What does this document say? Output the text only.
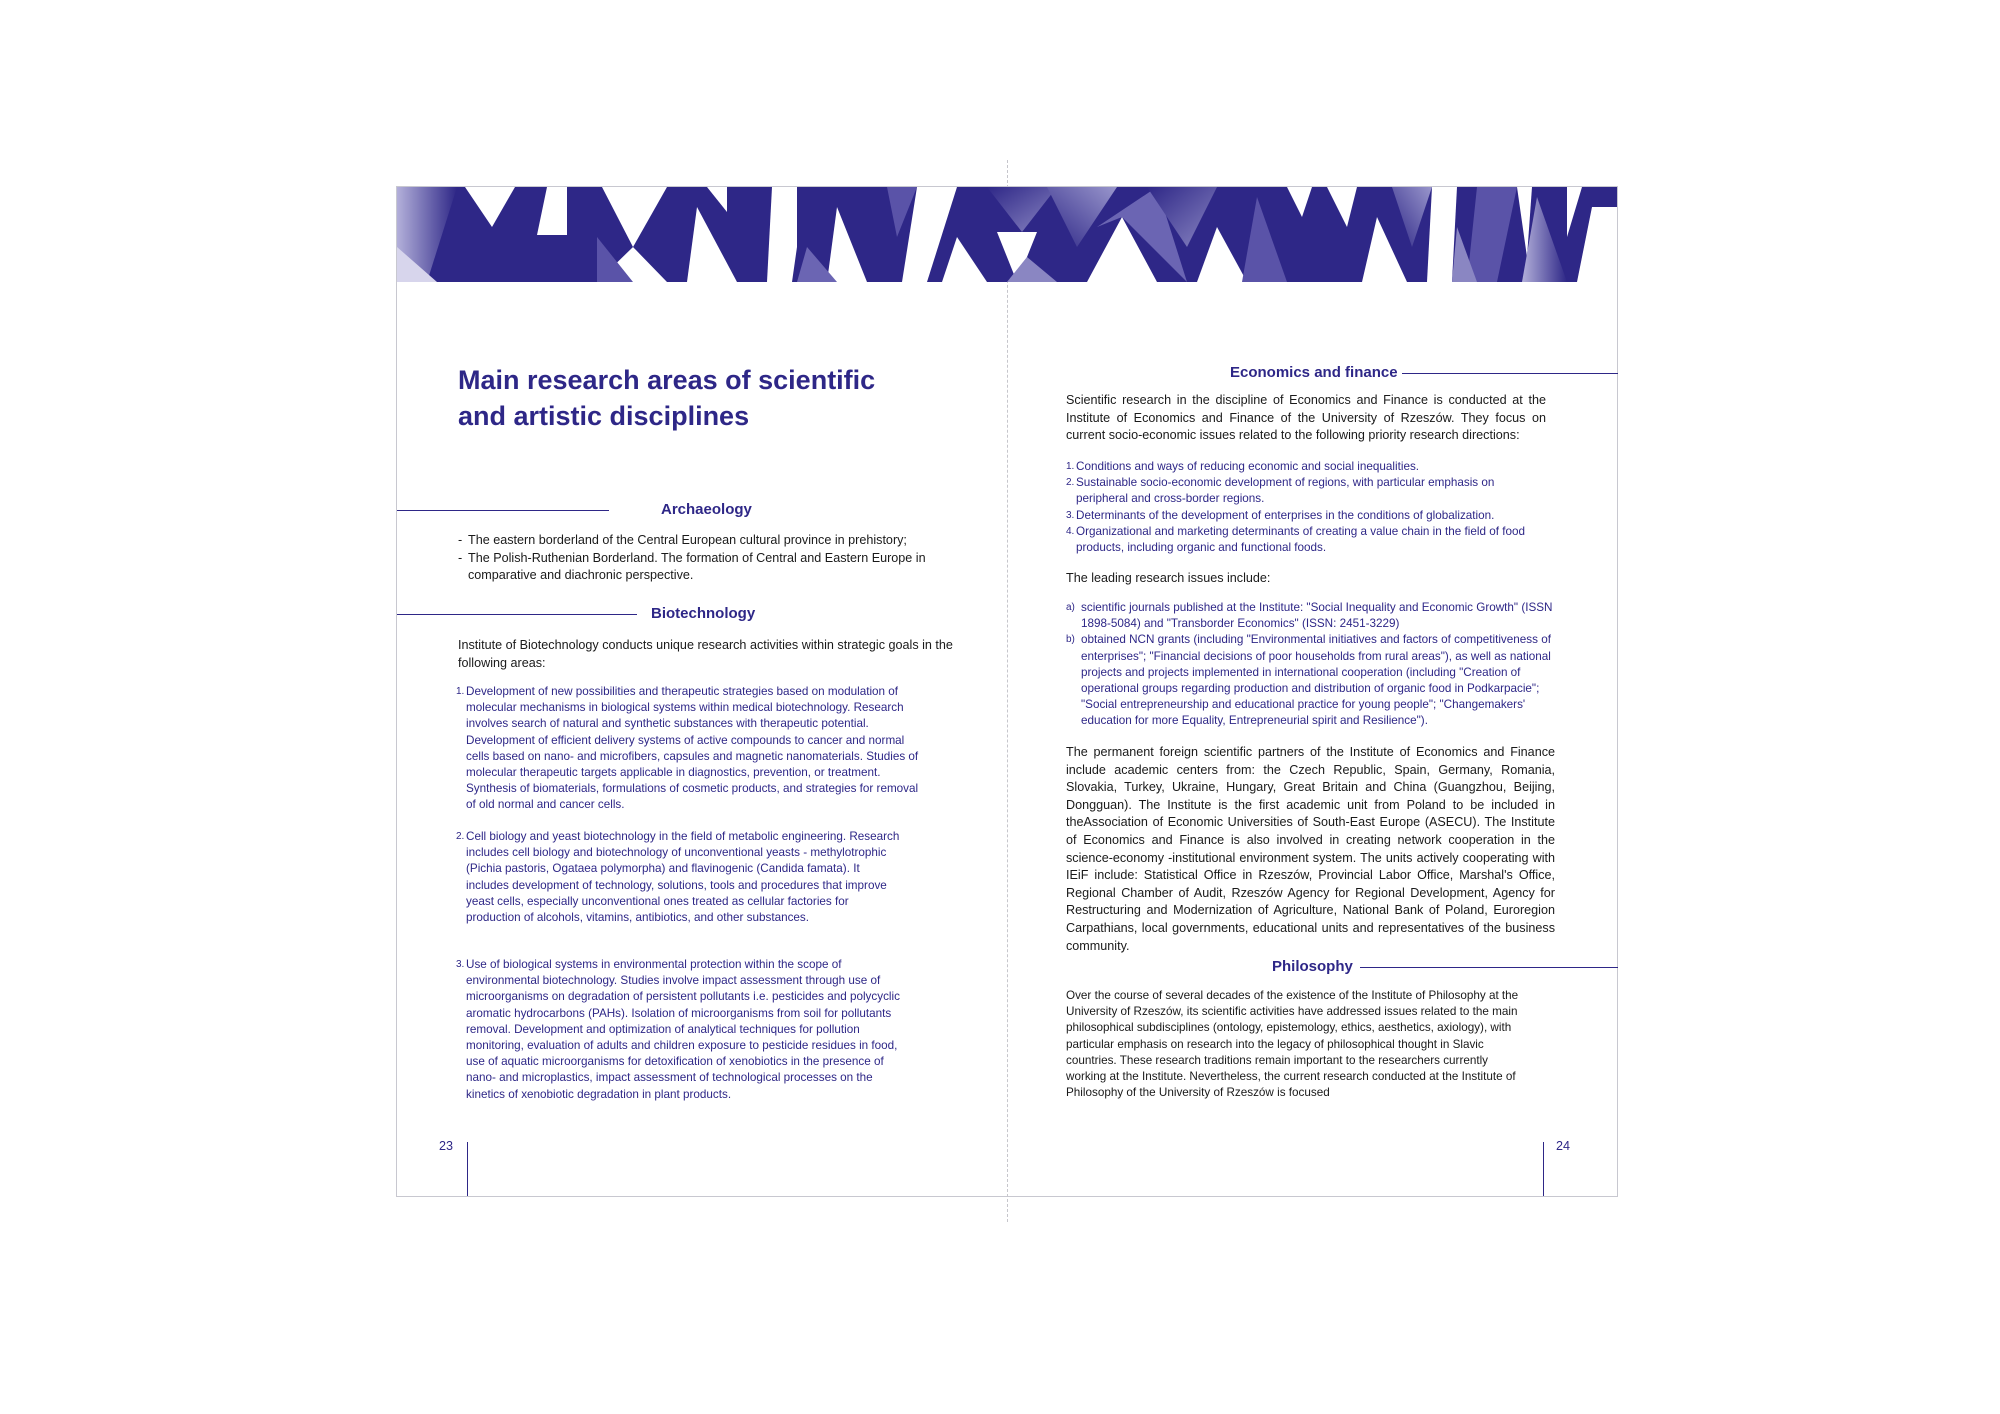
Main research areas of scientific
and artistic disciplines
Archaeology
- The eastern borderland of the Central European cultural province in prehistory;
- The Polish-Ruthenian Borderland. The formation of Central and Eastern Europe in comparative and diachronic perspective.
Biotechnology

Institute of Biotechnology conducts unique research activities within strategic goals in the following areas:

1. Development of new possibilities and therapeutic strategies based on modulation of molecular mechanisms in biological systems within medical biotechnology. Research involves search of natural and synthetic substances with therapeutic potential. Development of efficient delivery systems of active compounds to cancer and normal cells based on nano- and microfibers, capsules and magnetic nanomaterials. Studies of molecular therapeutic targets applicable in diagnostics, prevention, or treatment. Synthesis of biomaterials, formulations of cosmetic products, and strategies for removal of old normal and cancer cells.
2. Cell biology and yeast biotechnology in the field of metabolic engineering. Research includes cell biology and biotechnology of unconventional yeasts - methylotrophic (Pichia pastoris, Ogataea polymorpha) and flavinogenic (Candida famata). It includes development of technology, solutions, tools and procedures that improve yeast cells, especially unconventional ones treated as cellular factories for production of alcohols, vitamins, antibiotics, and other substances.
3. Use of biological systems in environmental protection within the scope of environmental biotechnology. Studies involve impact assessment through use of microorganisms on degradation of persistent pollutants i.e. pesticides and polycyclic aromatic hydrocarbons (PAHs). Isolation of microorganisms from soil for pollutants removal. Development and optimization of analytical techniques for pollution monitoring, evaluation of adults and children exposure to pesticide residues in food, use of aquatic microorganisms for detoxification of xenobiotics in the presence of nano- and microplastics, impact assessment of technological processes on the kinetics of xenobiotic degradation in plant products.
23
Economics and finance

Scientific research in the discipline of Economics and Finance is conducted at the Institute of Economics and Finance of the University of Rzeszów. They focus on current socio-economic issues related to the following priority research directions:

1. Conditions and ways of reducing economic and social inequalities.
2. Sustainable socio-economic development of regions, with particular emphasis on peripheral and cross-border regions.
3. Determinants of the development of enterprises in the conditions of globalization.
4. Organizational and marketing determinants of creating a value chain in the field of food products, including organic and functional foods.

The leading research issues include:

a) scientific journals published at the Institute: "Social Inequality and Economic Growth" (ISSN 1898-5084) and "Transborder Economics" (ISSN: 2451-3229)
b) obtained NCN grants (including "Environmental initiatives and factors of competitiveness of enterprises"; "Financial decisions of poor households from rural areas"), as well as national projects and projects implemented in international cooperation (including "Creation of operational groups regarding production and distribution of organic food in Podkarpacie"; "Social entrepreneurship and educational practice for young people"; "Changemakers' education for more Equality, Entrepreneurial spirit and Resilience").

The permanent foreign scientific partners of the Institute of Economics and Finance include academic centers from: the Czech Republic, Spain, Germany, Romania, Slovakia, Turkey, Ukraine, Hungary, Great Britain and China (Guangzhou, Beijing, Dongguan). The Institute is the first academic unit from Poland to be included in theAssociation of Economic Universities of South-East Europe (ASECU). The Institute of Economics and Finance is also involved in creating network cooperation in the science-economy -institutional environment system. The units actively cooperating with IEiF include: Statistical Office in Rzeszów, Provincial Labor Office, Marshal's Office, Regional Chamber of Audit, Rzeszów Agency for Regional Development, Agency for Restructuring and Modernization of Agriculture, National Bank of Poland, Euroregion Carpathians, local governments, educational units and representatives of the business community.

Philosophy

Over the course of several decades of the existence of the Institute of Philosophy at the University of Rzeszów, its scientific activities have addressed issues related to the main philosophical subdisciplines (ontology, epistemology, ethics, aesthetics, axiology), with particular emphasis on research into the legacy of philosophical thought in Slavic countries. These research traditions remain important to the researchers currently working at the Institute. Nevertheless, the current research conducted at the Institute of Philosophy of the University of Rzeszów is focused

24
